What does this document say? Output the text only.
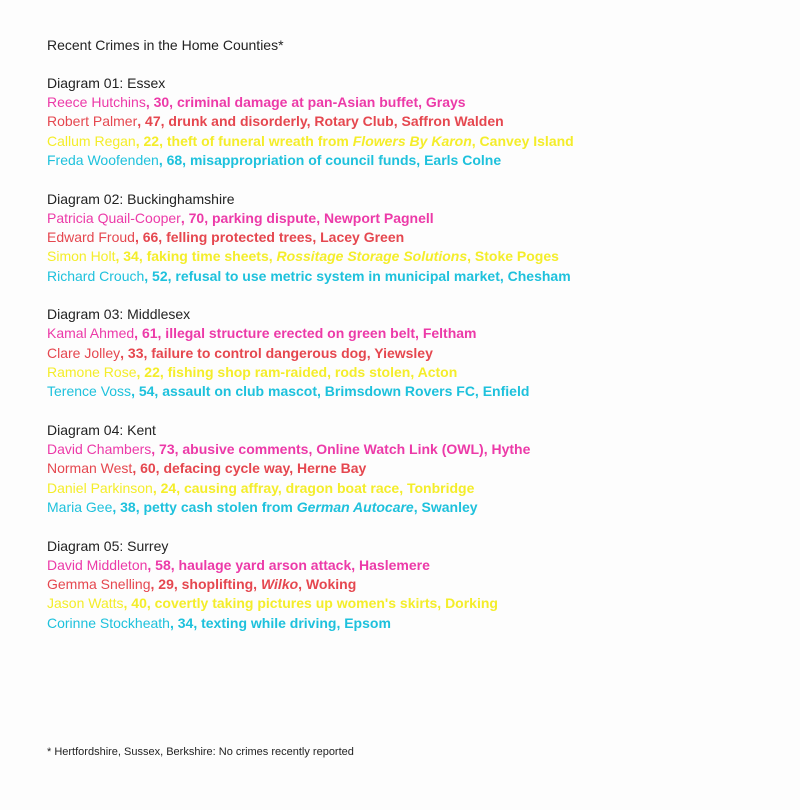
Recent Crimes in the Home Counties*
Diagram 01: Essex
Reece Hutchins, 30, criminal damage at pan-Asian buffet, Grays
Robert Palmer, 47, drunk and disorderly, Rotary Club, Saffron Walden
Callum Regan, 22, theft of funeral wreath from Flowers By Karon, Canvey Island
Freda Woofenden, 68, misappropriation of council funds, Earls Colne
Diagram 02: Buckinghamshire
Patricia Quail-Cooper, 70, parking dispute, Newport Pagnell
Edward Froud, 66, felling protected trees, Lacey Green
Simon Holt, 34, faking time sheets, Rossitage Storage Solutions, Stoke Poges
Richard Crouch, 52, refusal to use metric system in municipal market, Chesham
Diagram 03: Middlesex
Kamal Ahmed, 61, illegal structure erected on green belt, Feltham
Clare Jolley, 33, failure to control dangerous dog, Yiewsley
Ramone Rose, 22, fishing shop ram-raided, rods stolen, Acton
Terence Voss, 54, assault on club mascot, Brimsdown Rovers FC, Enfield
Diagram 04: Kent
David Chambers, 73, abusive comments, Online Watch Link (OWL), Hythe
Norman West, 60, defacing cycle way, Herne Bay
Daniel Parkinson, 24, causing affray, dragon boat race, Tonbridge
Maria Gee, 38, petty cash stolen from German Autocare, Swanley
Diagram 05: Surrey
David Middleton, 58, haulage yard arson attack, Haslemere
Gemma Snelling, 29, shoplifting, Wilko, Woking
Jason Watts, 40, covertly taking pictures up women's skirts, Dorking
Corinne Stockheath, 34, texting while driving, Epsom
* Hertfordshire, Sussex, Berkshire: No crimes recently reported
